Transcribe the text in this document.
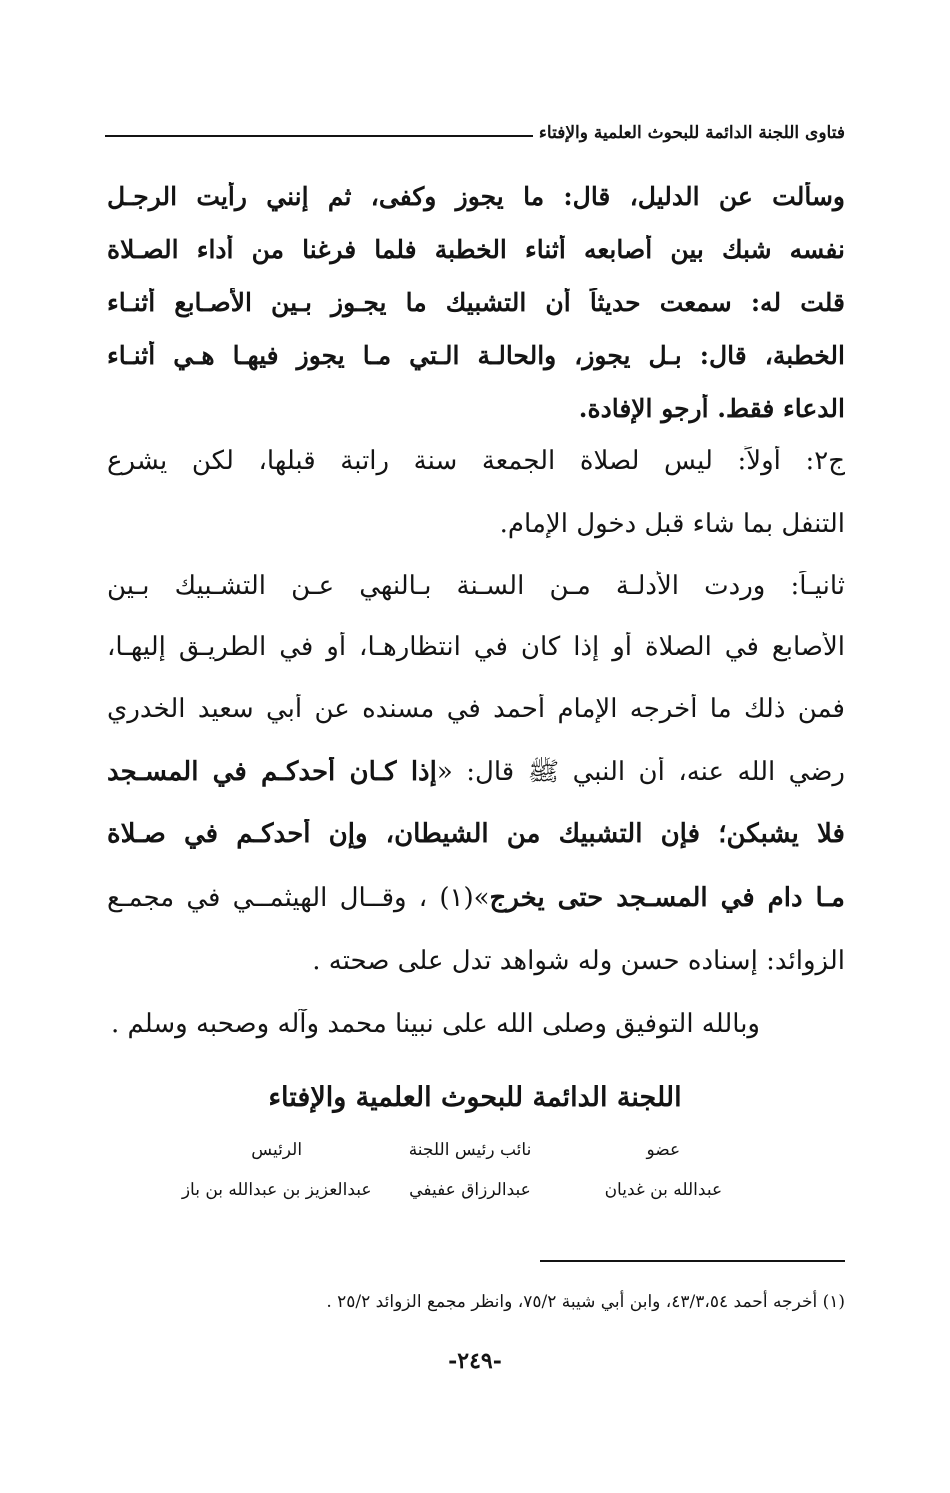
فتاوى اللجنة الدائمة للبحوث العلمية والإفتاء

وسألت عن الدليل، قال: ما يجوز وكفى، ثم إنني رأيت الرجـل

نفسه شبك بين أصابعه أثناء الخطبة فلما فرغنا من أداء الصـلاة

قلت له: سمعت حديثاً أن التشبيك ما يجـوز بـين الأصـابع أثنـاء

الخطبة، قال: بـل يجوز، والحالـة الـتي مـا يجوز فيهـا هـي أثنـاء

الدعاء فقط. أرجو الإفادة.

ج٢: أولاً: ليس لصلاة الجمعة سنة راتبة قبلها، لكن يشرع

التنفل بما شاء قبل دخول الإمام.

ثانيـاً: وردت الأدلـة مـن السـنة بـالنهي عـن التشـبيك بـين

الأصابع في الصلاة أو إذا كان في انتظارهـا، أو في الطريـق إليهـا،

فمن ذلك ما أخرجه الإمام أحمد في مسنده عن أبي سعيد الخدري

رضي الله عنه، أن النبي ﷺ قال: «إذا كـان أحدكـم في المسـجد

فلا يشبكن؛ فإن التشبيك من الشيطان، وإن أحدكـم في صـلاة

مـا دام في المسـجد حتى يخرج»(١) ، وقــال الهيثمــي في مجمـع

الزوائد: إسناده حسن وله شواهد تدل على صحته .

وبالله التوفيق وصلى الله على نبينا محمد وآله وصحبه وسلم .

اللجنة الدائمة للبحوث العلمية والإفتاء

عضو
نائب رئيس اللجنة
الرئيس
عبدالله بن غديان
عبدالرزاق عفيفي
عبدالعزيز بن عبدالله بن باز

(١) أخرجه أحمد ٤٣/٣،٥٤، وابن أبي شيبة ٧٥/٢، وانظر مجمع الزوائد ٢٥/٢ .

-٢٤٩-
